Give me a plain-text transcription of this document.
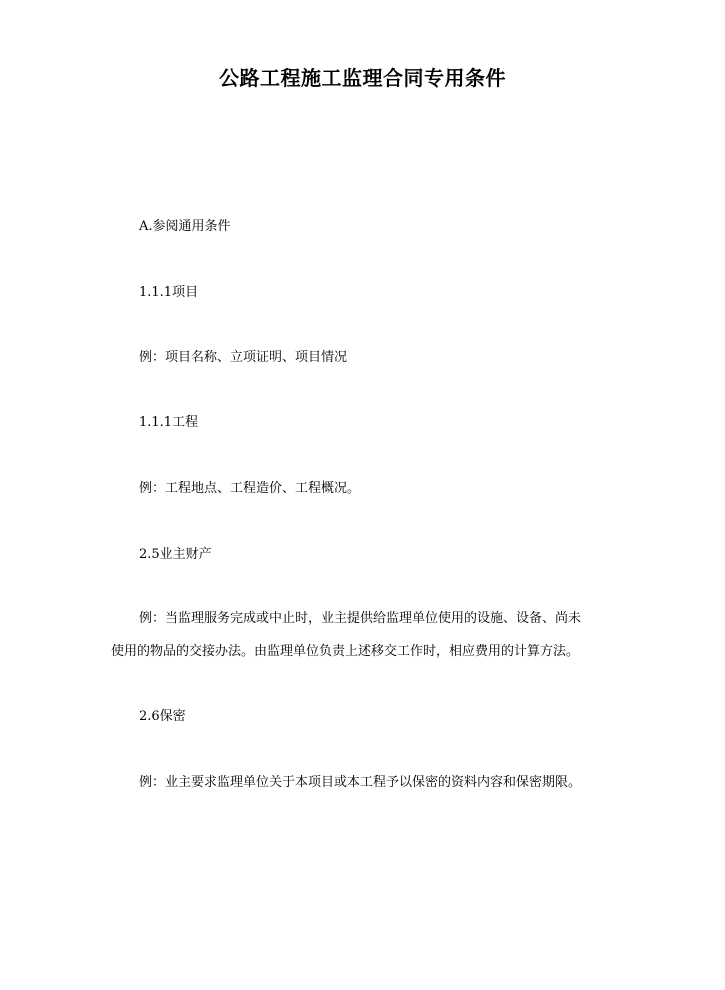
公路工程施工监理合同专用条件

A.参阅通用条件

1.1.1项目

例：项目名称、立项证明、项目情况

1.1.1工程

例：工程地点、工程造价、工程概况。

2.5业主财产

例：当监理服务完成或中止时，业主提供给监理单位使用的设施、设备、尚未

使用的物品的交接办法。由监理单位负责上述移交工作时，相应费用的计算方法。

2.6保密

例：业主要求监理单位关于本项目或本工程予以保密的资料内容和保密期限。
